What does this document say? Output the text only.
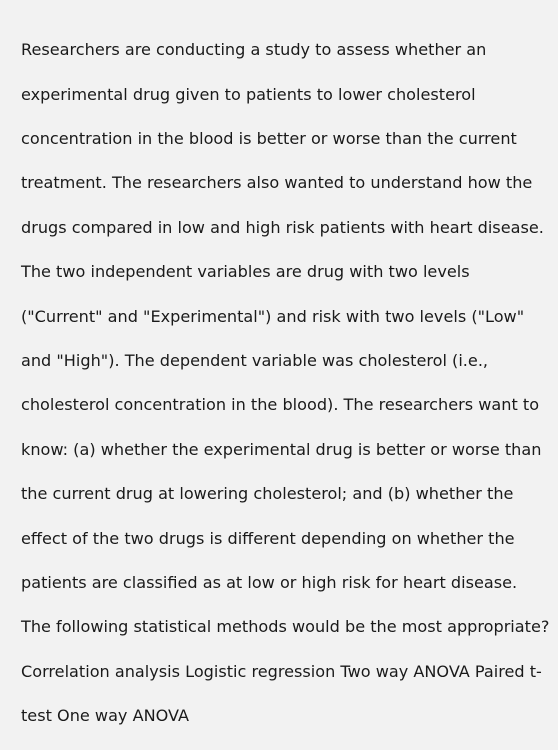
Researchers are conducting a study to assess whether an

experimental drug given to patients to lower cholesterol

concentration in the blood is better or worse than the current

treatment. The researchers also wanted to understand how the

drugs compared in low and high risk patients with heart disease.

The two independent variables are drug with two levels

("Current" and "Experimental") and risk with two levels ("Low"

and "High"). The dependent variable was cholesterol (i.e.,

cholesterol concentration in the blood). The researchers want to

know: (a) whether the experimental drug is better or worse than

the current drug at lowering cholesterol; and (b) whether the

effect of the two drugs is different depending on whether the

patients are classified as at low or high risk for heart disease.

The following statistical methods would be the most appropriate?

Correlation analysis Logistic regression Two way ANOVA Paired t-

test One way ANOVA
